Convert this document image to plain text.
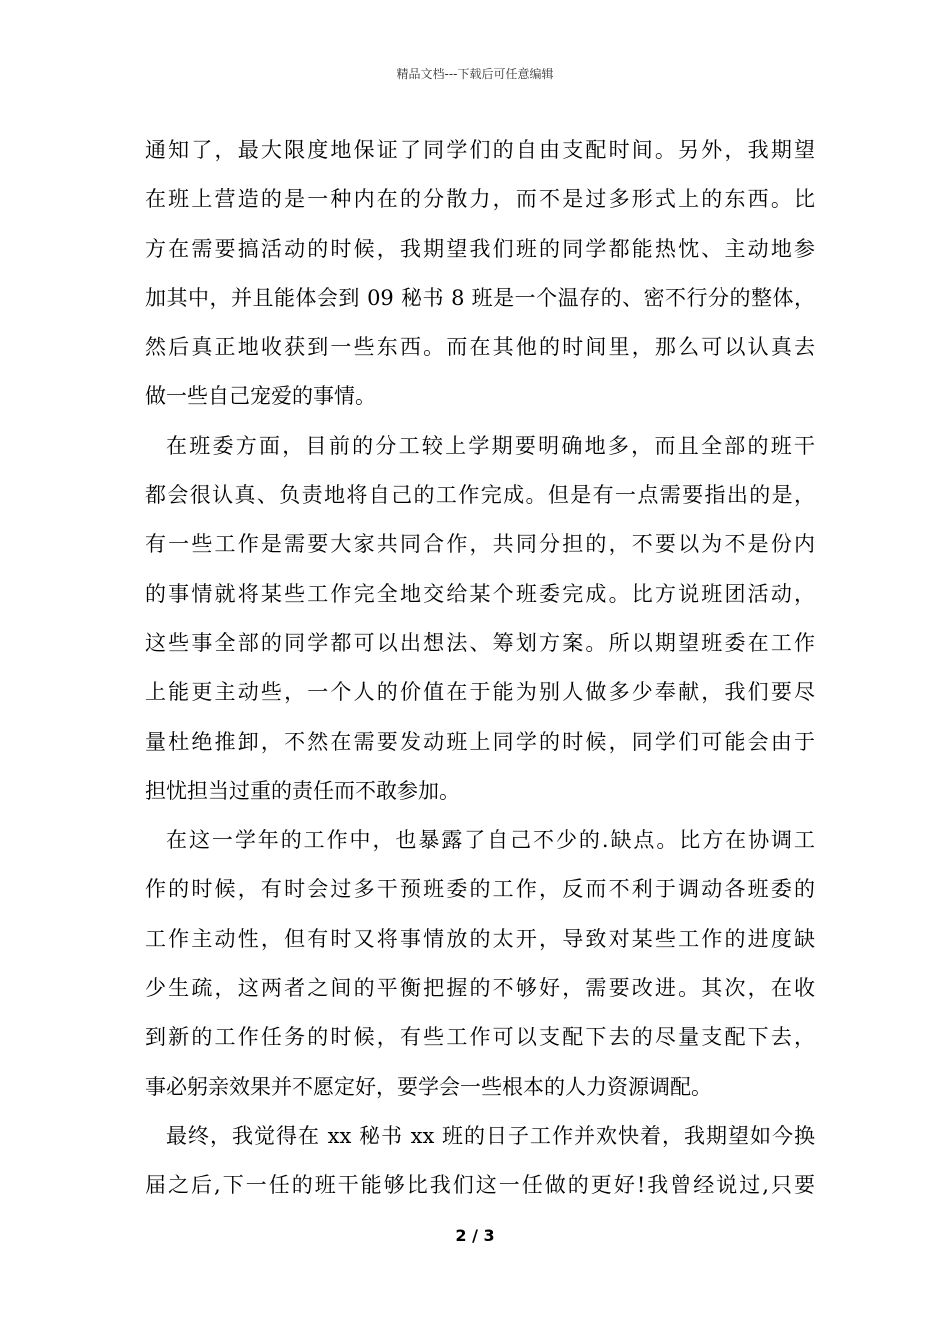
精品文档---下载后可任意编辑
通知了，最大限度地保证了同学们的自由支配时间。另外，我期望
在班上营造的是一种内在的分散力，而不是过多形式上的东西。比
方在需要搞活动的时候，我期望我们班的同学都能热忱、主动地参
加其中，并且能体会到 09 秘书 8 班是一个温存的、密不行分的整体，
然后真正地收获到一些东西。而在其他的时间里，那么可以认真去
做一些自己宠爱的事情。
在班委方面，目前的分工较上学期要明确地多，而且全部的班干
都会很认真、负责地将自己的工作完成。但是有一点需要指出的是，
有一些工作是需要大家共同合作，共同分担的，不要以为不是份内
的事情就将某些工作完全地交给某个班委完成。比方说班团活动，
这些事全部的同学都可以出想法、筹划方案。所以期望班委在工作
上能更主动些，一个人的价值在于能为别人做多少奉献，我们要尽
量杜绝推卸，不然在需要发动班上同学的时候，同学们可能会由于
担忧担当过重的责任而不敢参加。
在这一学年的工作中，也暴露了自己不少的.缺点。比方在协调工
作的时候，有时会过多干预班委的工作，反而不利于调动各班委的
工作主动性，但有时又将事情放的太开，导致对某些工作的进度缺
少生疏，这两者之间的平衡把握的不够好，需要改进。其次，在收
到新的工作任务的时候，有些工作可以支配下去的尽量支配下去，
事必躬亲效果并不愿定好，要学会一些根本的人力资源调配。
最终，我觉得在 xx 秘书 xx 班的日子工作并欢快着，我期望如今换
届之后,下一任的班干能够比我们这一任做的更好!我曾经说过,只要
2 / 3
